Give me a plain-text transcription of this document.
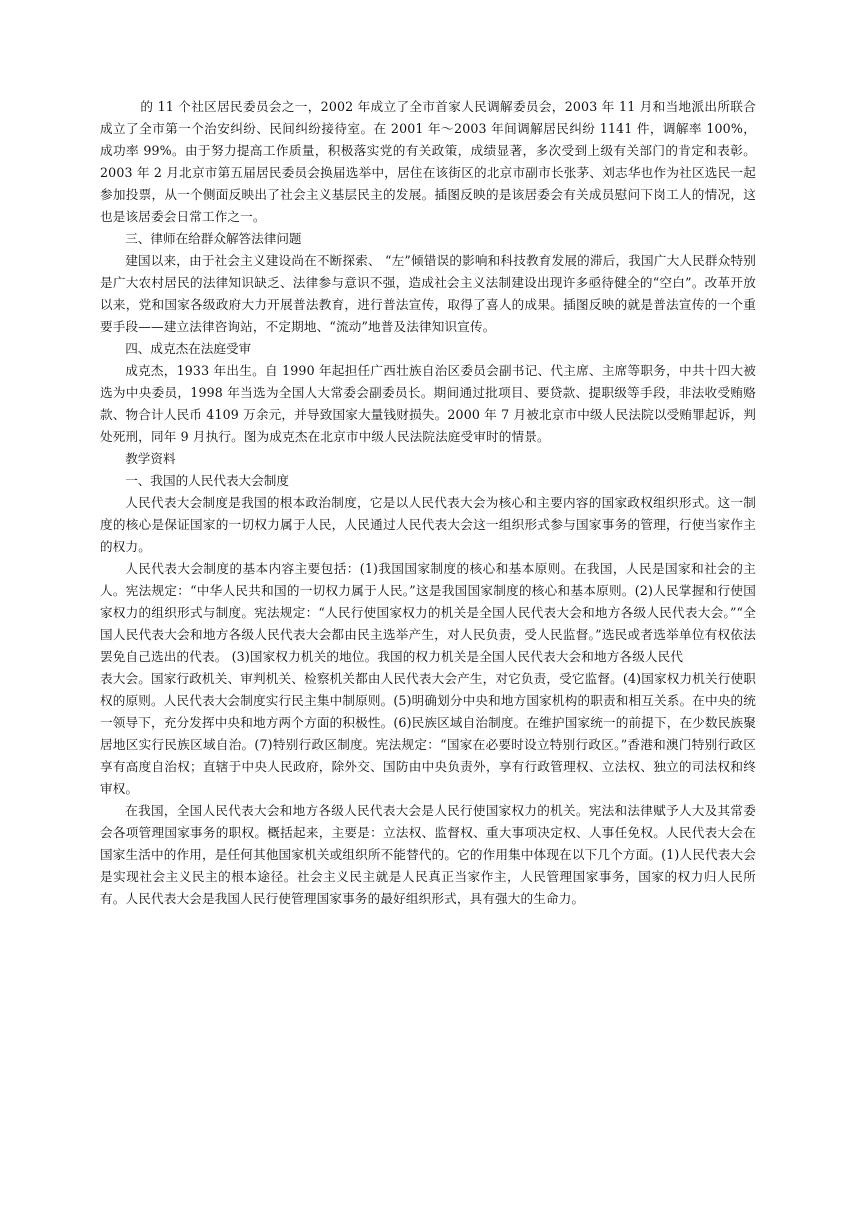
的 11 个社区居民委员会之一，2002 年成立了全市首家人民调解委员会，2003 年 11 月和当地派出所联合成立了全市第一个治安纠纷、民间纠纷接待室。在 2001 年～2003 年间调解居民纠纷 1141 件，调解率 100%，成功率 99%。由于努力提高工作质量，积极落实党的有关政策，成绩显著，多次受到上级有关部门的肯定和表彰。2003 年 2 月北京市第五届居民委员会换届选举中，居住在该街区的北京市副市长张茅、刘志华也作为社区选民一起参加投票，从一个侧面反映出了社会主义基层民主的发展。插图反映的是该居委会有关成员慰问下岗工人的情况，这也是该居委会日常工作之一。

三、律师在给群众解答法律问题

建国以来，由于社会主义建设尚在不断探索、 “左”倾错误的影响和科技教育发展的滞后，我国广大人民群众特别是广大农村居民的法律知识缺乏、法律参与意识不强，造成社会主义法制建设出现许多亟待健全的“空白”。改革开放以来，党和国家各级政府大力开展普法教育，进行普法宣传，取得了喜人的成果。插图反映的就是普法宣传的一个重要手段——建立法律咨询站，不定期地、“流动”地普及法律知识宣传。

四、成克杰在法庭受审

成克杰，1933 年出生。自 1990 年起担任广西壮族自治区委员会副书记、代主席、主席等职务，中共十四大被选为中央委员，1998 年当选为全国人大常委会副委员长。期间通过批项目、要贷款、提职级等手段，非法收受贿赂款、物合计人民币 4109 万余元，并导致国家大量钱财损失。2000 年 7 月被北京市中级人民法院以受贿罪起诉，判处死刑，同年 9 月执行。图为成克杰在北京市中级人民法院法庭受审时的情景。

教学资料

一、我国的人民代表大会制度

人民代表大会制度是我国的根本政治制度，它是以人民代表大会为核心和主要内容的国家政权组织形式。这一制度的核心是保证国家的一切权力属于人民，人民通过人民代表大会这一组织形式参与国家事务的管理，行使当家作主的权力。

人民代表大会制度的基本内容主要包括：(1)我国国家制度的核心和基本原则。在我国，人民是国家和社会的主人。宪法规定：“中华人民共和国的一切权力属于人民。”这是我国国家制度的核心和基本原则。(2)人民掌握和行使国家权力的组织形式与制度。宪法规定：“人民行使国家权力的机关是全国人民代表大会和地方各级人民代表大会。”“全国人民代表大会和地方各级人民代表大会都由民主选举产生，对人民负责，受人民监督。”选民或者选举单位有权依法罢免自己选出的代表。 (3)国家权力机关的地位。我国的权力机关是全国人民代表大会和地方各级人民代

表大会。国家行政机关、审判机关、检察机关都由人民代表大会产生，对它负责，受它监督。(4)国家权力机关行使职权的原则。人民代表大会制度实行民主集中制原则。(5)明确划分中央和地方国家机构的职责和相互关系。在中央的统一领导下，充分发挥中央和地方两个方面的积极性。(6)民族区域自治制度。在维护国家统一的前提下，在少数民族聚居地区实行民族区域自治。(7)特别行政区制度。宪法规定：“国家在必要时设立特别行政区。”香港和澳门特别行政区享有高度自治权；直辖于中央人民政府，除外交、国防由中央负责外，享有行政管理权、立法权、独立的司法权和终审权。

在我国，全国人民代表大会和地方各级人民代表大会是人民行使国家权力的机关。宪法和法律赋予人大及其常委会各项管理国家事务的职权。概括起来，主要是：立法权、监督权、重大事项决定权、人事任免权。人民代表大会在国家生活中的作用，是任何其他国家机关或组织所不能替代的。它的作用集中体现在以下几个方面。(1)人民代表大会是实现社会主义民主的根本途径。社会主义民主就是人民真正当家作主，人民管理国家事务，国家的权力归人民所有。人民代表大会是我国人民行使管理国家事务的最好组织形式，具有强大的生命力。
